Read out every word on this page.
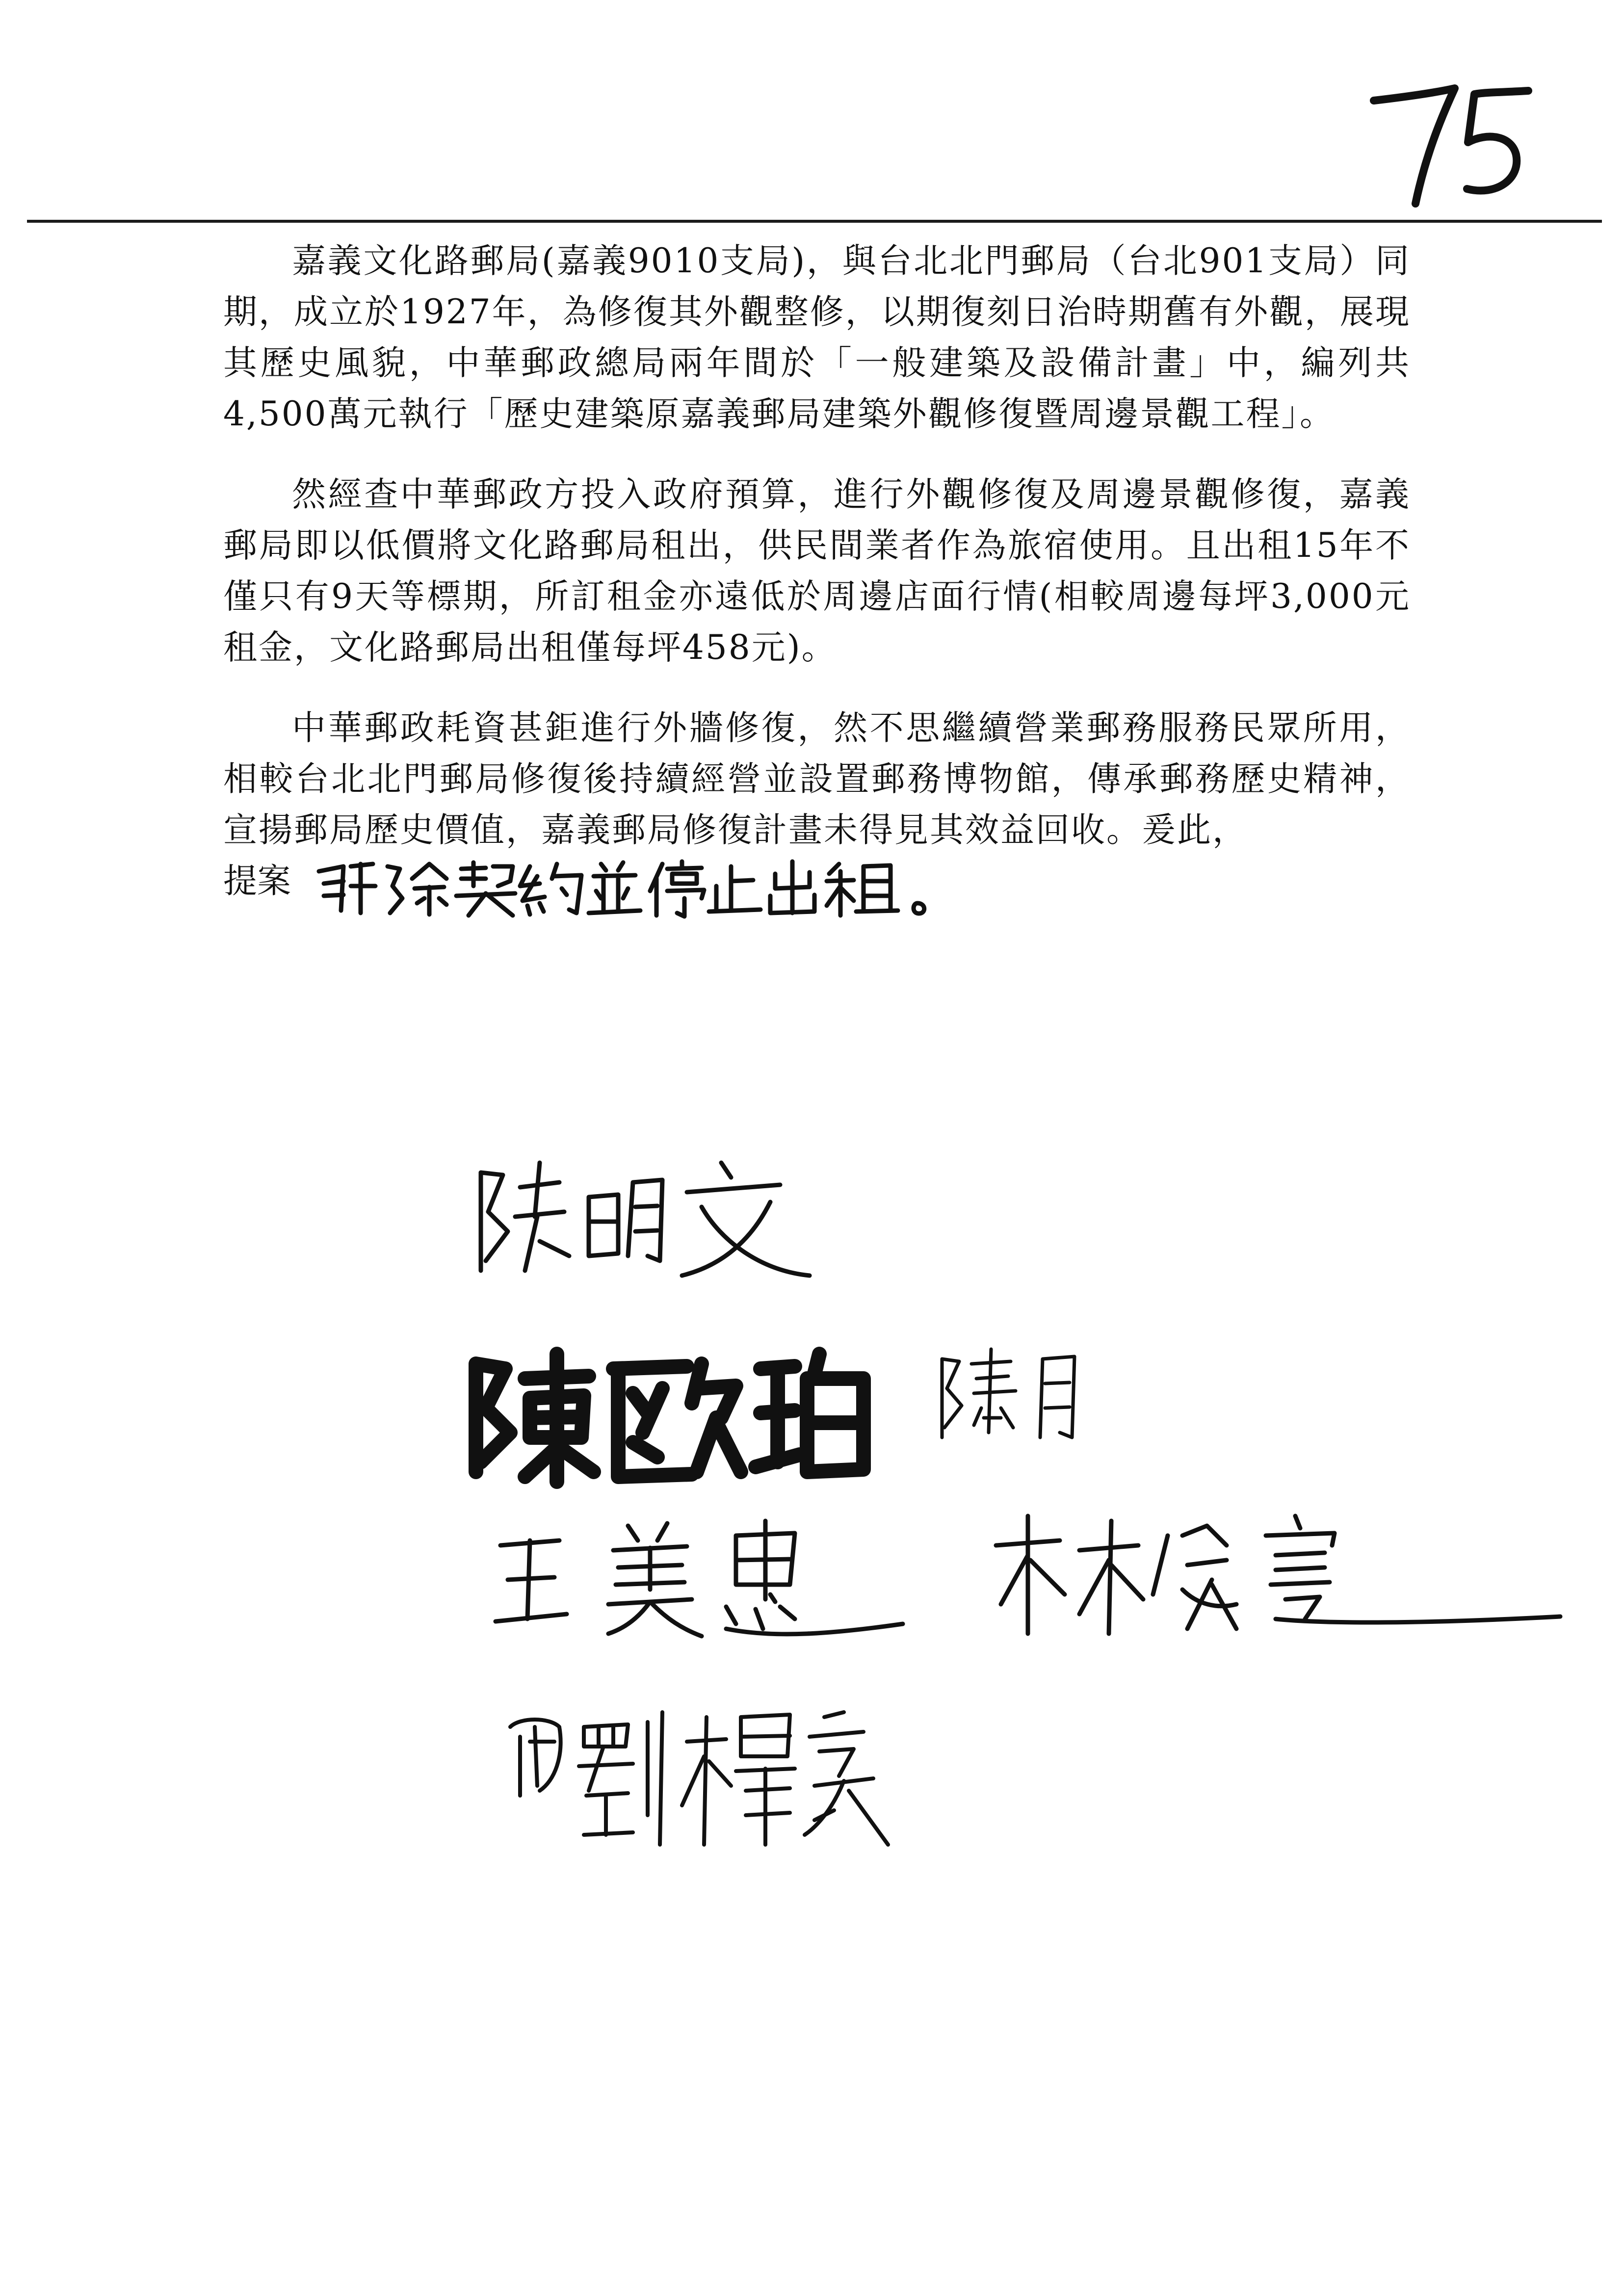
嘉義文化路郵局(嘉義9010支局)，與台北北門郵局（台北901支局）同期，成立於1927年，為修復其外觀整修，以期復刻日治時期舊有外觀，展現其歷史風貌，中華郵政總局兩年間於「一般建築及設備計畫」中，編列共4,500萬元執行「歷史建築原嘉義郵局建築外觀修復暨周邊景觀工程」。

然經查中華郵政方投入政府預算，進行外觀修復及周邊景觀修復，嘉義郵局即以低價將文化路郵局租出，供民間業者作為旅宿使用。且出租15年不僅只有9天等標期，所訂租金亦遠低於周邊店面行情(相較周邊每坪3,000元租金，文化路郵局出租僅每坪458元)。

中華郵政耗資甚鉅進行外牆修復，然不思繼續營業郵務服務民眾所用，相較台北北門郵局修復後持續經營並設置郵務博物館，傳承郵務歷史精神，宣揚郵局歷史價值，嘉義郵局修復計畫未得見其效益回收。爰此，

提案
